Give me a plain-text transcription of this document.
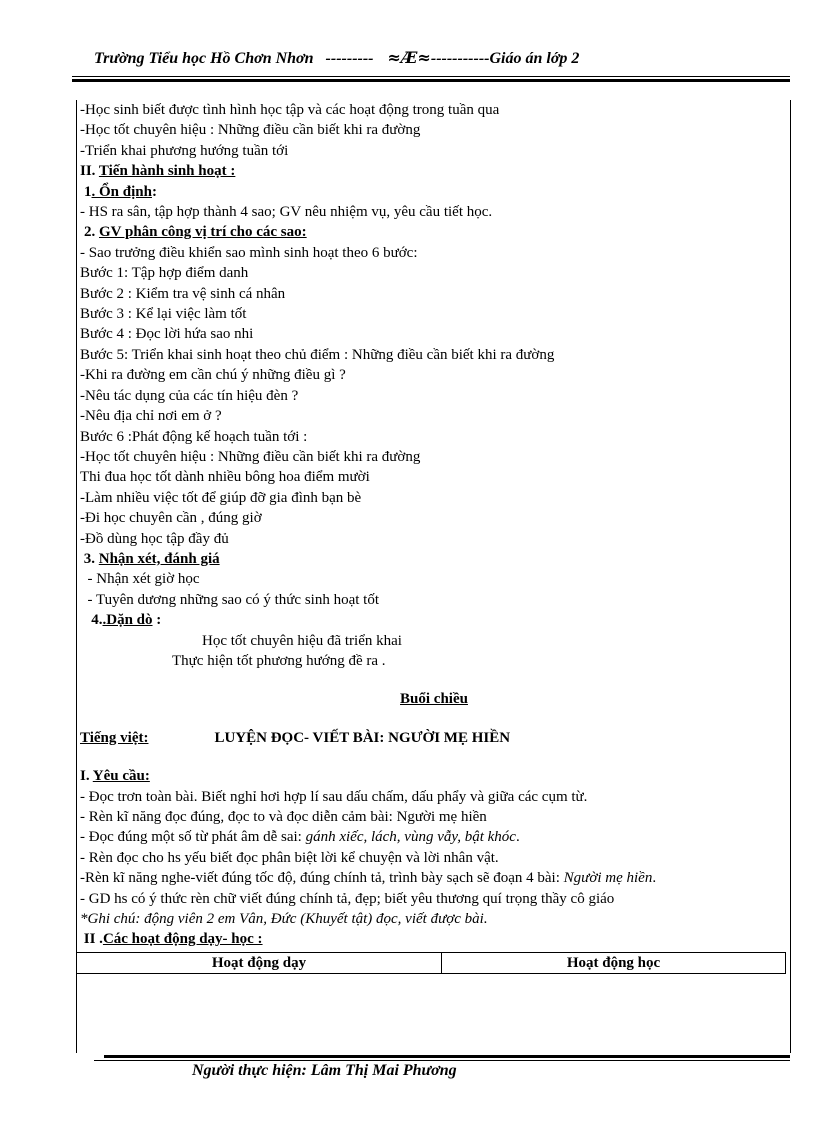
Trường Tiểu học Hồ Chơn Nhơn --------- ≈Æ≈-----------Giáo án lớp 2

-Học sinh biết được tình hình học tập và các hoạt động trong tuần qua

-Học tốt chuyên hiệu : Những điều cần biết khi ra đường

-Triển khai phương hướng tuần tới

II. Tiến hành sinh hoạt :

1. Ổn định:

- HS ra sân, tập hợp thành 4 sao; GV nêu nhiệm vụ, yêu cầu tiết học.

2. GV phân công vị trí cho các sao:

- Sao trưởng điều khiển sao mình sinh hoạt theo 6 bước:

Bước 1: Tập hợp điểm danh

Bước 2 : Kiểm tra vệ sinh cá nhân

Bước 3 : Kể lại việc làm tốt

Bước 4 : Đọc lời hứa sao nhi

Bước 5: Triển khai sinh hoạt theo chủ điểm : Những điều cần biết khi ra đường

-Khi ra đường em cần chú ý những điều gì ?

-Nêu tác dụng của các tín hiệu đèn ?

-Nêu địa chỉ nơi em ở ?

Bước 6 :Phát động kế hoạch tuần tới :

-Học tốt chuyên hiệu : Những điều cần biết khi ra đường

Thi đua học tốt dành nhiều bông hoa điểm mười

-Làm nhiều việc tốt để giúp đỡ gia đình bạn bè

-Đi học chuyên cần , đúng giờ

-Đồ dùng học tập đầy đủ

3. Nhận xét, đánh giá

- Nhận xét giờ học

- Tuyên dương những sao có ý thức sinh hoạt tốt

4..Dặn dò :

Học tốt chuyên hiệu đã triển khai

Thực hiện tốt phương hướng đề ra .

Buổi chiều

Tiếng việt:	LUYỆN ĐỌC- VIẾT BÀI: NGƯỜI MẸ HIỀN

I. Yêu cầu:

- Đọc trơn toàn bài. Biết nghỉ hơi hợp lí sau dấu chấm, dấu phẩy và giữa các cụm từ.

- Rèn kĩ năng đọc đúng, đọc to và đọc diễn cảm bài: Người mẹ hiền

- Đọc đúng một số từ phát âm dễ sai: gánh xiếc, lách, vùng vẫy, bật khóc.

- Rèn đọc cho hs yếu biết đọc phân biệt lời kể chuyện và lời nhân vật.

-Rèn kĩ năng nghe-viết đúng tốc độ, đúng chính tả, trình bày sạch sẽ đoạn 4 bài: Người mẹ hiền.

- GD hs có ý thức rèn chữ viết đúng chính tả, đẹp; biết yêu thương quí trọng thầy cô giáo

*Ghi chú: động viên 2 em Vân, Đức (Khuyết tật) đọc, viết được bài.

II .Các hoạt động dạy- học :

Hoạt động dạy	Hoạt động học
Người thực hiện: Lâm Thị Mai Phương
